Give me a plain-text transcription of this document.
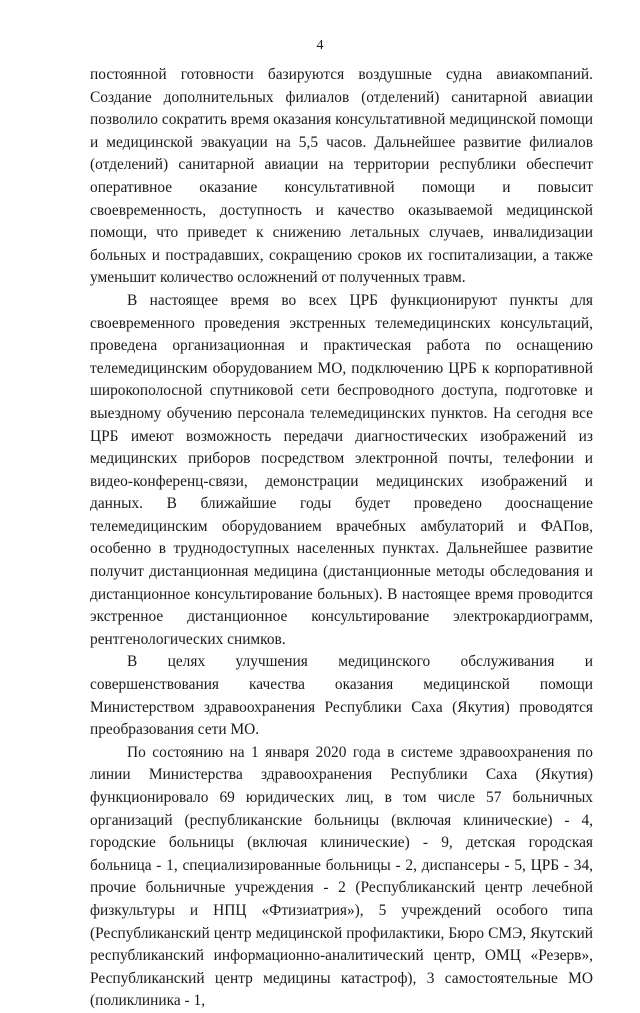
4

постоянной готовности базируются воздушные судна авиакомпаний. Создание дополнительных филиалов (отделений) санитарной авиации позволило сократить время оказания консультативной медицинской помощи и медицинской эвакуации на 5,5 часов. Дальнейшее развитие филиалов (отделений) санитарной авиации на территории республики обеспечит оперативное оказание консультативной помощи и повысит своевременность, доступность и качество оказываемой медицинской помощи, что приведет к снижению летальных случаев, инвалидизации больных и пострадавших, сокращению сроков их госпитализации, а также уменьшит количество осложнений от полученных травм.

В настоящее время во всех ЦРБ функционируют пункты для своевременного проведения экстренных телемедицинских консультаций, проведена организационная и практическая работа по оснащению телемедицинским оборудованием МО, подключению ЦРБ к корпоративной широкополосной спутниковой сети беспроводного доступа, подготовке и выездному обучению персонала телемедицинских пунктов. На сегодня все ЦРБ имеют возможность передачи диагностических изображений из медицинских приборов посредством электронной почты, телефонии и видео-конференц-связи, демонстрации медицинских изображений и данных. В ближайшие годы будет проведено дооснащение телемедицинским оборудованием врачебных амбулаторий и ФАПов, особенно в труднодоступных населенных пунктах. Дальнейшее развитие получит дистанционная медицина (дистанционные методы обследования и дистанционное консультирование больных). В настоящее время проводится экстренное дистанционное консультирование электрокардиограмм, рентгенологических снимков.

В целях улучшения медицинского обслуживания и совершенствования качества оказания медицинской помощи Министерством здравоохранения Республики Саха (Якутия) проводятся преобразования сети МО.

По состоянию на 1 января 2020 года в системе здравоохранения по линии Министерства здравоохранения Республики Саха (Якутия) функционировало 69 юридических лиц, в том числе 57 больничных организаций (республиканские больницы (включая клинические) - 4, городские больницы (включая клинические) - 9, детская городская больница - 1, специализированные больницы - 2, диспансеры - 5, ЦРБ - 34, прочие больничные учреждения - 2 (Республиканский центр лечебной физкультуры и НПЦ «Фтизиатрия»), 5 учреждений особого типа (Республиканский центр медицинской профилактики, Бюро СМЭ, Якутский республиканский информационно-аналитический центр, ОМЦ «Резерв», Республиканский центр медицины катастроф), 3 самостоятельные МО (поликлиника - 1,
